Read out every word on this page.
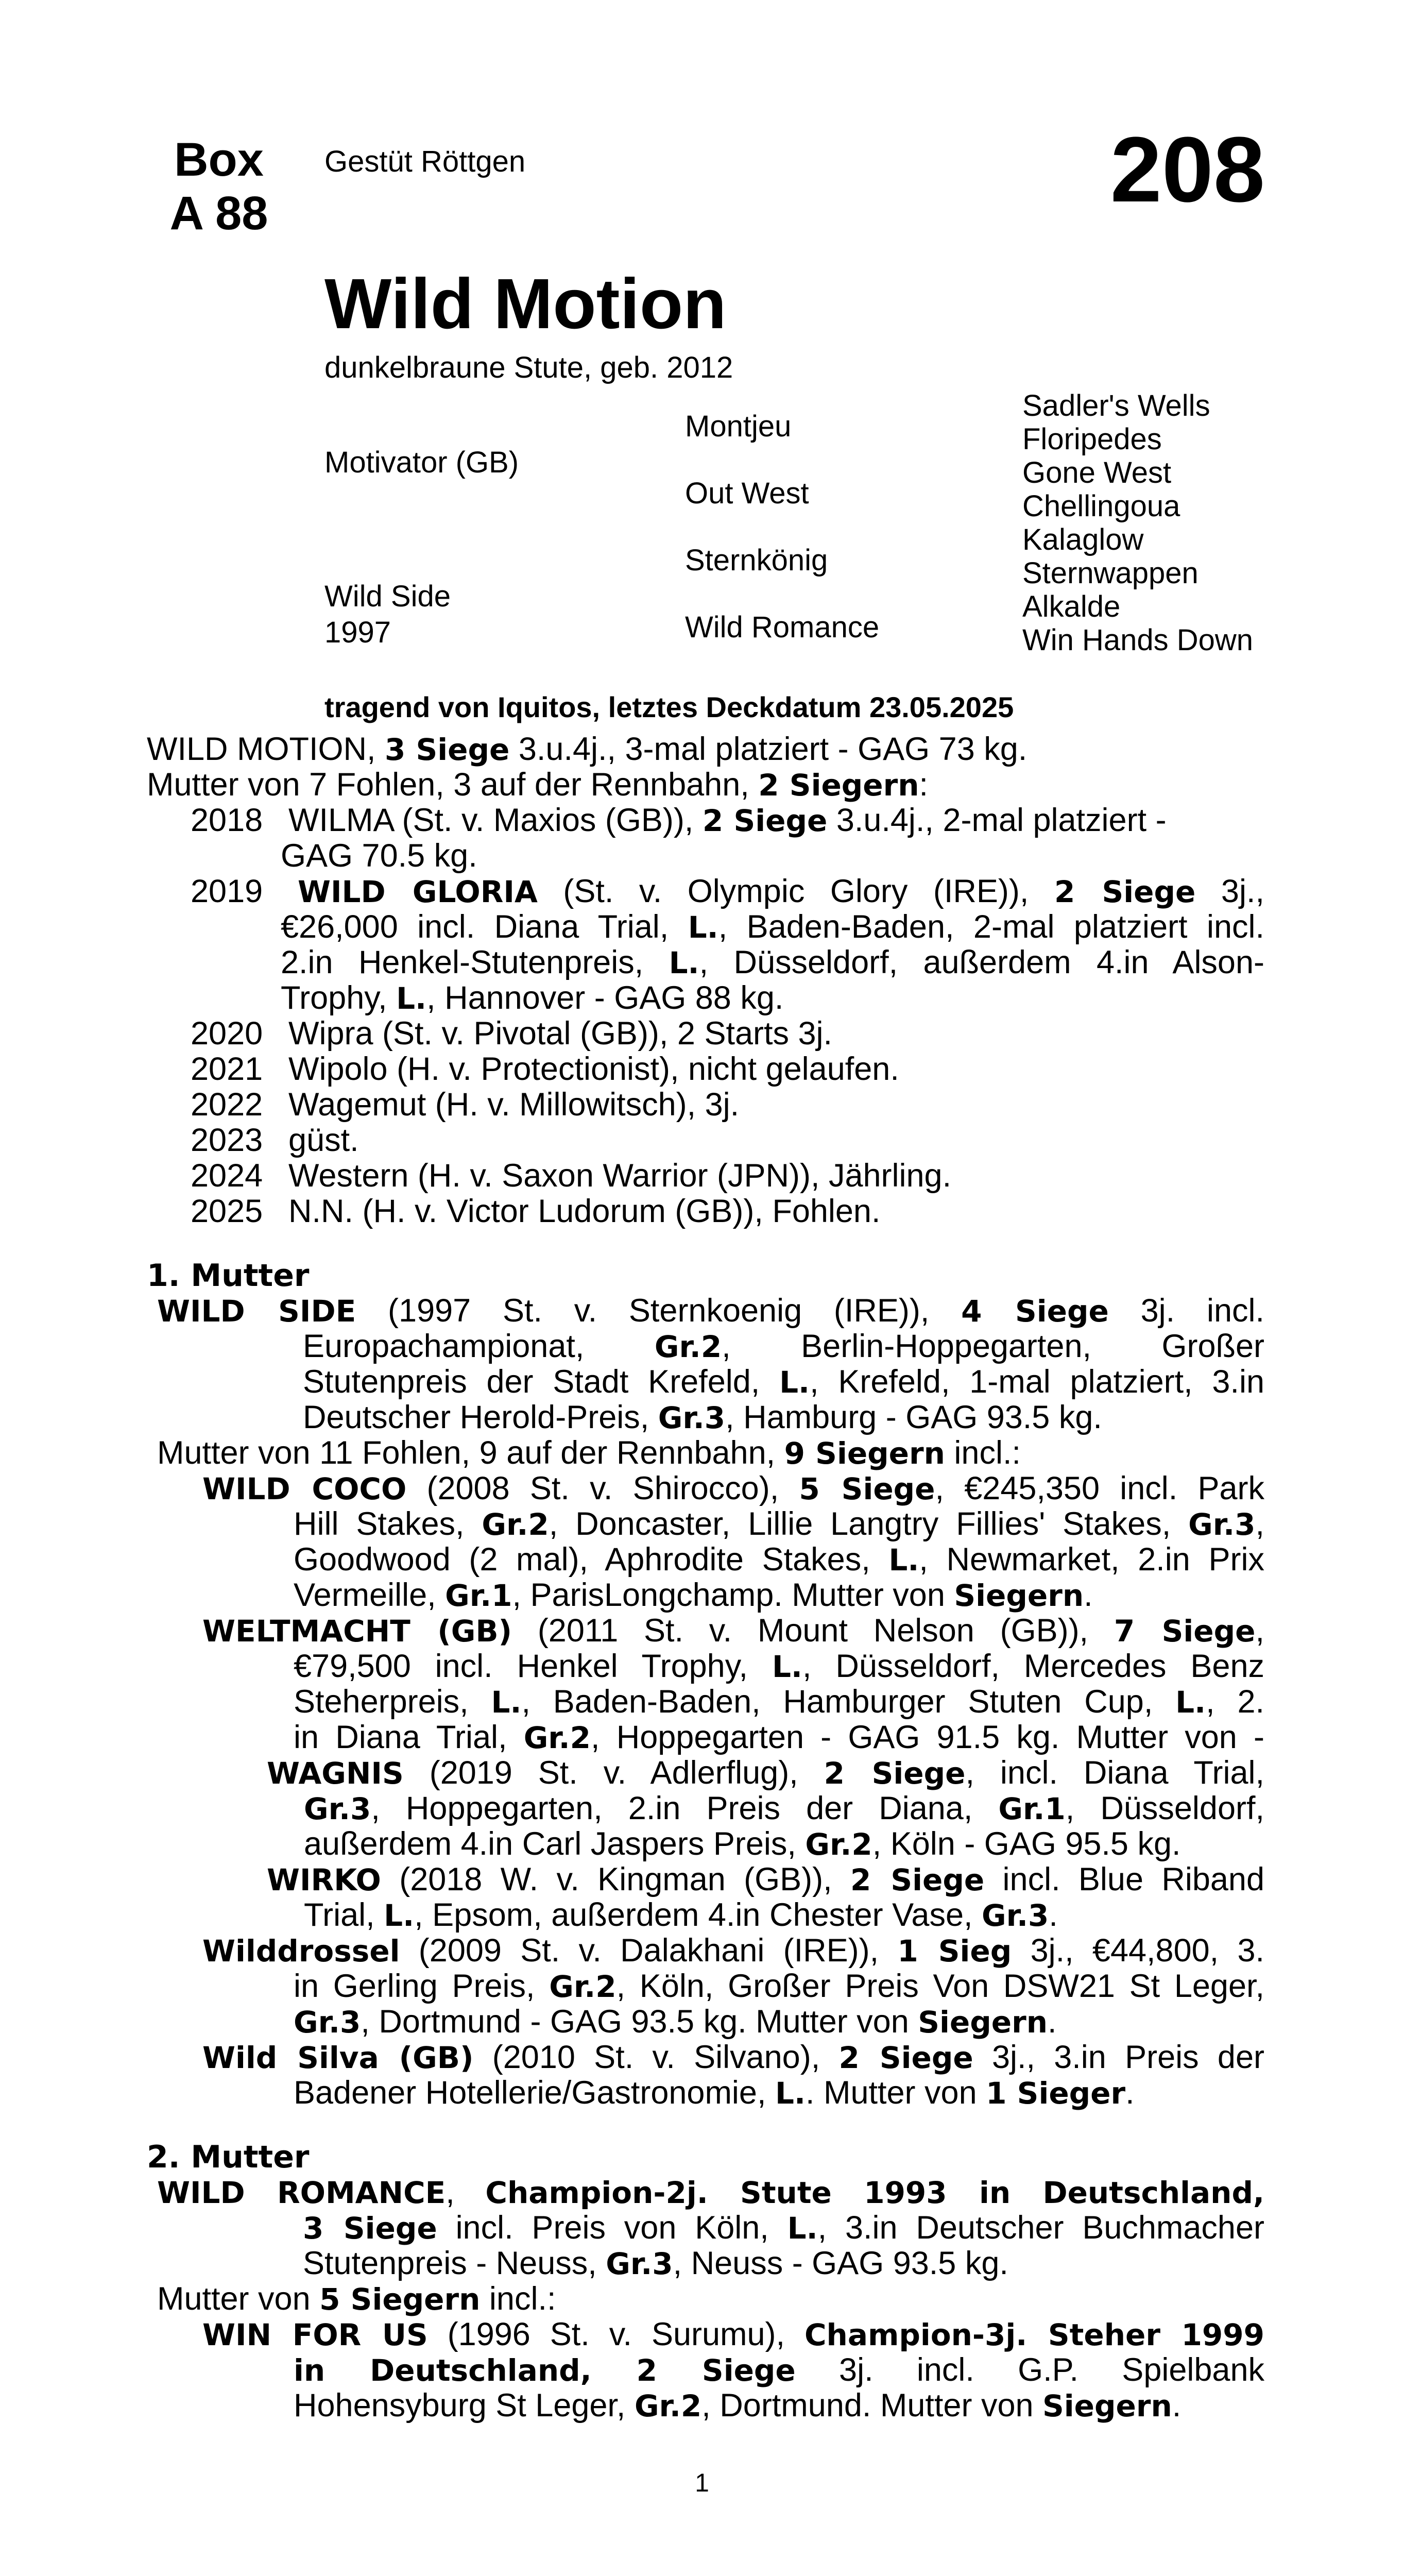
Box
A 88
Gestüt Röttgen	208
Wild Motion
dunkelbraune Stute, geb. 2012
Motivator (GB)
Wild Side
1997
Montjeu
Out West
Sternkönig
Wild Romance
Sadler's Wells
Floripedes
Gone West
Chellingoua
Kalaglow
Sternwappen
Alkalde
Win Hands Down
tragend von Iquitos, letztes Deckdatum 23.05.2025
WILD MOTION, 3 Siege 3.u.4j., 3-mal platziert - GAG 73 kg.
Mutter von 7 Fohlen, 3 auf der Rennbahn, 2 Siegern:
2018 WILMA (St. v. Maxios (GB)), 2 Siege 3.u.4j., 2-mal platziert -
GAG 70.5 kg.
2019 WILD GLORIA (St. v. Olympic Glory (IRE)), 2 Siege 3j.,
€26,000 incl. Diana Trial, L., Baden-Baden, 2-mal platziert incl.
2.in Henkel-Stutenpreis, L., Düsseldorf, außerdem 4.in Alson-
Trophy, L., Hannover - GAG 88 kg.
2020 Wipra (St. v. Pivotal (GB)), 2 Starts 3j.
2021 Wipolo (H. v. Protectionist), nicht gelaufen.
2022 Wagemut (H. v. Millowitsch), 3j.
2023 güst.
2024 Western (H. v. Saxon Warrior (JPN)), Jährling.
2025 N.N. (H. v. Victor Ludorum (GB)), Fohlen.
1. Mutter
WILD SIDE (1997 St. v. Sternkoenig (IRE)), 4 Siege 3j. incl.
Europachampionat, Gr.2, Berlin-Hoppegarten, Großer
Stutenpreis der Stadt Krefeld, L., Krefeld, 1-mal platziert, 3.in
Deutscher Herold-Preis, Gr.3, Hamburg - GAG 93.5 kg.
Mutter von 11 Fohlen, 9 auf der Rennbahn, 9 Siegern incl.:
WILD COCO (2008 St. v. Shirocco), 5 Siege, €245,350 incl. Park
Hill Stakes, Gr.2, Doncaster, Lillie Langtry Fillies' Stakes, Gr.3,
Goodwood (2 mal), Aphrodite Stakes, L., Newmarket, 2.in Prix
Vermeille, Gr.1, ParisLongchamp. Mutter von Siegern.
WELTMACHT (GB) (2011 St. v. Mount Nelson (GB)), 7 Siege,
€79,500 incl. Henkel Trophy, L., Düsseldorf, Mercedes Benz
Steherpreis, L., Baden-Baden, Hamburger Stuten Cup, L., 2.
in Diana Trial, Gr.2, Hoppegarten - GAG 91.5 kg. Mutter von -
WAGNIS (2019 St. v. Adlerflug), 2 Siege, incl. Diana Trial,
Gr.3, Hoppegarten, 2.in Preis der Diana, Gr.1, Düsseldorf,
außerdem 4.in Carl Jaspers Preis, Gr.2, Köln - GAG 95.5 kg.
WIRKO (2018 W. v. Kingman (GB)), 2 Siege incl. Blue Riband
Trial, L., Epsom, außerdem 4.in Chester Vase, Gr.3.
Wilddrossel (2009 St. v. Dalakhani (IRE)), 1 Sieg 3j., €44,800, 3.
in Gerling Preis, Gr.2, Köln, Großer Preis Von DSW21 St Leger,
Gr.3, Dortmund - GAG 93.5 kg. Mutter von Siegern.
Wild Silva (GB) (2010 St. v. Silvano), 2 Siege 3j., 3.in Preis der
Badener Hotellerie/Gastronomie, L.. Mutter von 1 Sieger.
2. Mutter
WILD ROMANCE, Champion-2j. Stute 1993 in Deutschland,
3 Siege incl. Preis von Köln, L., 3.in Deutscher Buchmacher
Stutenpreis - Neuss, Gr.3, Neuss - GAG 93.5 kg.
Mutter von 5 Siegern incl.:
WIN FOR US (1996 St. v. Surumu), Champion-3j. Steher 1999
in Deutschland, 2 Siege 3j. incl. G.P. Spielbank
Hohensyburg St Leger, Gr.2, Dortmund. Mutter von Siegern.
1
